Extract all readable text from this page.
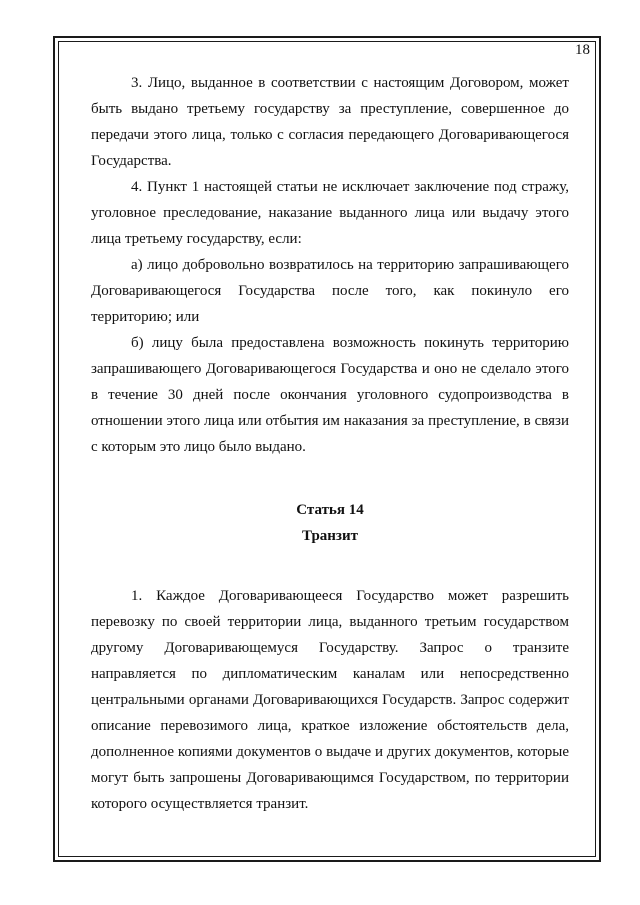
18

3. Лицо, выданное в соответствии с настоящим Договором, может быть выдано третьему государству за преступление, совершенное до передачи этого лица, только с согласия передающего Договаривающегося Государства.

4. Пункт 1 настоящей статьи не исключает заключение под стражу, уголовное преследование, наказание выданного лица или выдачу этого лица третьему государству, если:

а) лицо добровольно возвратилось на территорию запрашивающего Договаривающегося Государства после того, как покинуло его территорию; или

б) лицу была предоставлена возможность покинуть территорию запрашивающего Договаривающегося Государства и оно не сделало этого в течение 30 дней после окончания уголовного судопроизводства в отношении этого лица или отбытия им наказания за преступление, в связи с которым это лицо было выдано.

Статья 14

Транзит

1. Каждое Договаривающееся Государство может разрешить перевозку по своей территории лица, выданного третьим государством другому Договаривающемуся Государству. Запрос о транзите направляется по дипломатическим каналам или непосредственно центральными органами Договаривающихся Государств. Запрос содержит описание перевозимого лица, краткое изложение обстоятельств дела, дополненное копиями документов о выдаче и других документов, которые могут быть запрошены Договаривающимся Государством, по территории которого осуществляется транзит.
